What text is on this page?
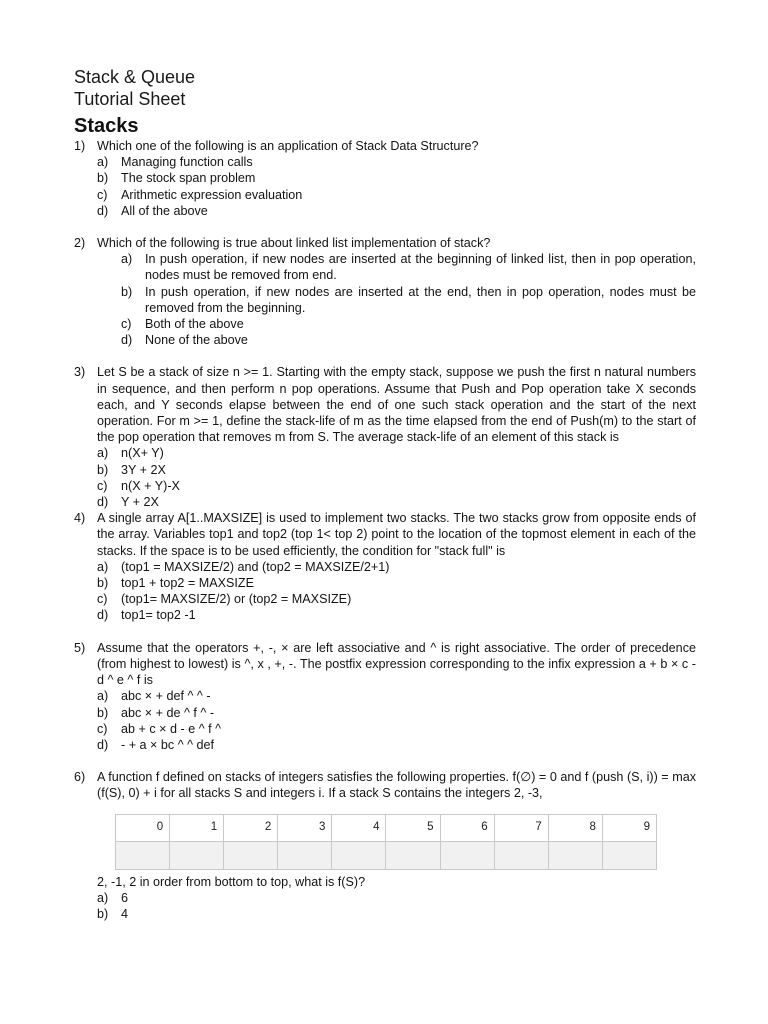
Stack & Queue
Tutorial Sheet
Stacks
1) Which one of the following is an application of Stack Data Structure?
a) Managing function calls
b) The stock span problem
c) Arithmetic expression evaluation
d) All of the above
2) Which of the following is true about linked list implementation of stack?
a) In push operation, if new nodes are inserted at the beginning of linked list, then in pop operation, nodes must be removed from end.
b) In push operation, if new nodes are inserted at the end, then in pop operation, nodes must be removed from the beginning.
c) Both of the above
d) None of the above
3) Let S be a stack of size n >= 1. Starting with the empty stack, suppose we push the first n natural numbers in sequence, and then perform n pop operations. Assume that Push and Pop operation take X seconds each, and Y seconds elapse between the end of one such stack operation and the start of the next operation. For m >= 1, define the stack-life of m as the time elapsed from the end of Push(m) to the start of the pop operation that removes m from S. The average stack-life of an element of this stack is
a) n(X+ Y)
b) 3Y + 2X
c) n(X + Y)-X
d) Y + 2X
4) A single array A[1..MAXSIZE] is used to implement two stacks. The two stacks grow from opposite ends of the array. Variables top1 and top2 (top 1< top 2) point to the location of the topmost element in each of the stacks. If the space is to be used efficiently, the condition for "stack full" is
a) (top1 = MAXSIZE/2) and (top2 = MAXSIZE/2+1)
b) top1 + top2 = MAXSIZE
c) (top1= MAXSIZE/2) or (top2 = MAXSIZE)
d) top1= top2 -1
5) Assume that the operators +, -, × are left associative and ^ is right associative. The order of precedence (from highest to lowest) is ^, x , +, -. The postfix expression corresponding to the infix expression a + b × c - d ^ e ^ f is
a) abc × + def ^ ^ -
b) abc × + de ^ f ^ -
c) ab + c × d - e ^ f ^
d) - + a × bc ^ ^ def
6) A function f defined on stacks of integers satisfies the following properties. f(∅) = 0 and f (push (S, i)) = max (f(S), 0) + i for all stacks S and integers i. If a stack S contains the integers 2, -3,
0	1	2	3	4	5	6	7	8	9

2, -1, 2 in order from bottom to top, what is f(S)?
a) 6
b) 4
